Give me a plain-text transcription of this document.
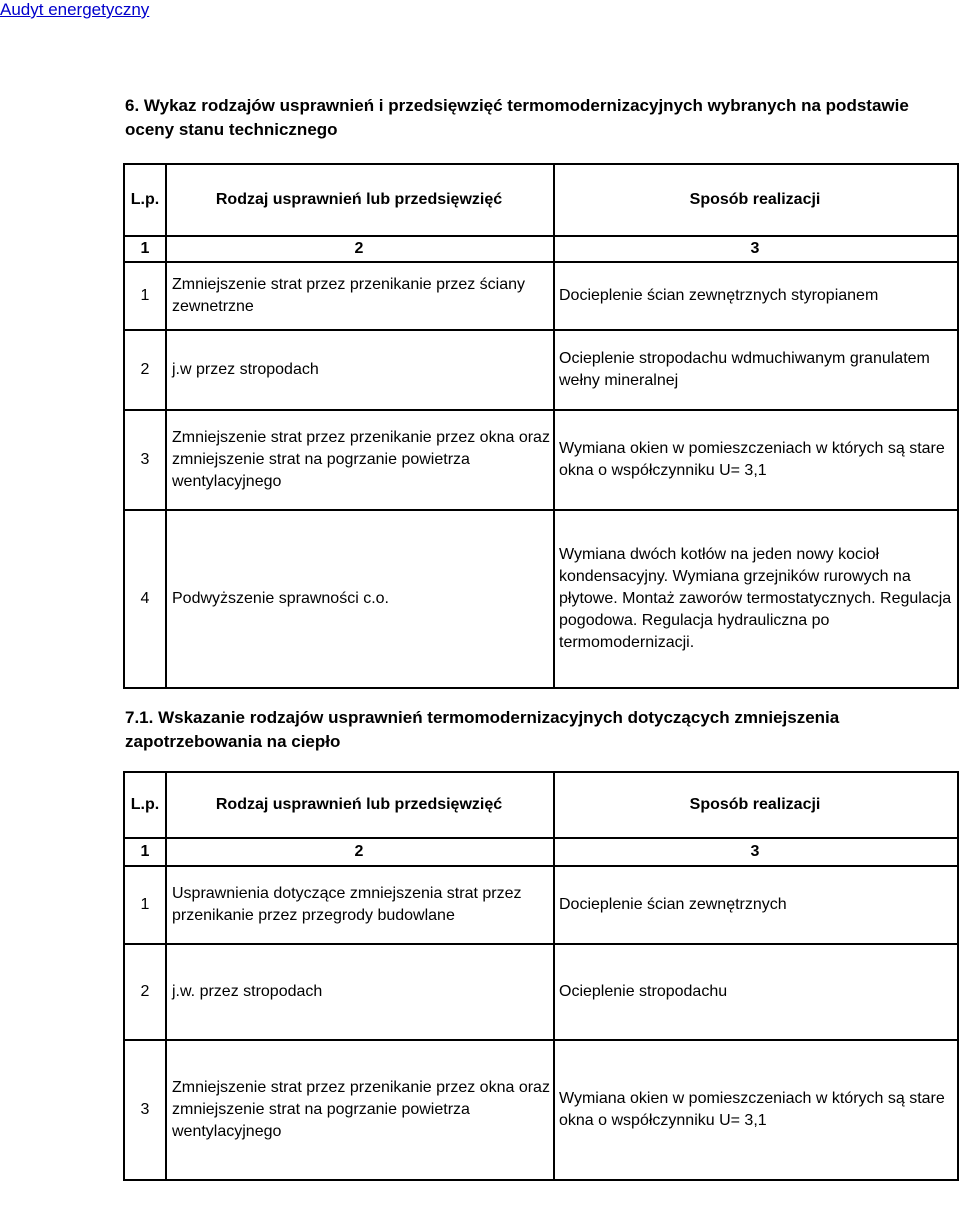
Audyt energetyczny
6. Wykaz rodzajów usprawnień i przedsięwzięć termomodernizacyjnych wybranych na podstawie oceny stanu technicznego
L.p.	Rodzaj usprawnień lub przedsięwzięć	Sposób realizacji
1	2	3
1	Zmniejszenie strat przez przenikanie przez ściany zewnetrzne	Docieplenie ścian zewnętrznych styropianem
2	j.w przez stropodach	Ocieplenie stropodachu wdmuchiwanym granulatem wełny mineralnej
3	Zmniejszenie strat przez przenikanie przez okna oraz zmniejszenie strat na pogrzanie powietrza wentylacyjnego	Wymiana okien w pomieszczeniach w których są stare okna o współczynniku U= 3,1
4	Podwyższenie sprawności c.o.	Wymiana dwóch kotłów na jeden nowy kocioł kondensacyjny. Wymiana grzejników rurowych na płytowe. Montaż zaworów termostatycznych. Regulacja pogodowa. Regulacja hydrauliczna po termomodernizacji.
7.1. Wskazanie rodzajów usprawnień termomodernizacyjnych dotyczących zmniejszenia zapotrzebowania na ciepło
L.p.	Rodzaj usprawnień lub przedsięwzięć	Sposób realizacji
1	2	3
1	Usprawnienia dotyczące zmniejszenia strat przez przenikanie przez przegrody budowlane	Docieplenie ścian zewnętrznych
2	j.w. przez stropodach	Ocieplenie stropodachu
3	Zmniejszenie strat przez przenikanie przez okna oraz zmniejszenie strat na pogrzanie powietrza wentylacyjnego	Wymiana okien w pomieszczeniach w których są stare okna o współczynniku U= 3,1
